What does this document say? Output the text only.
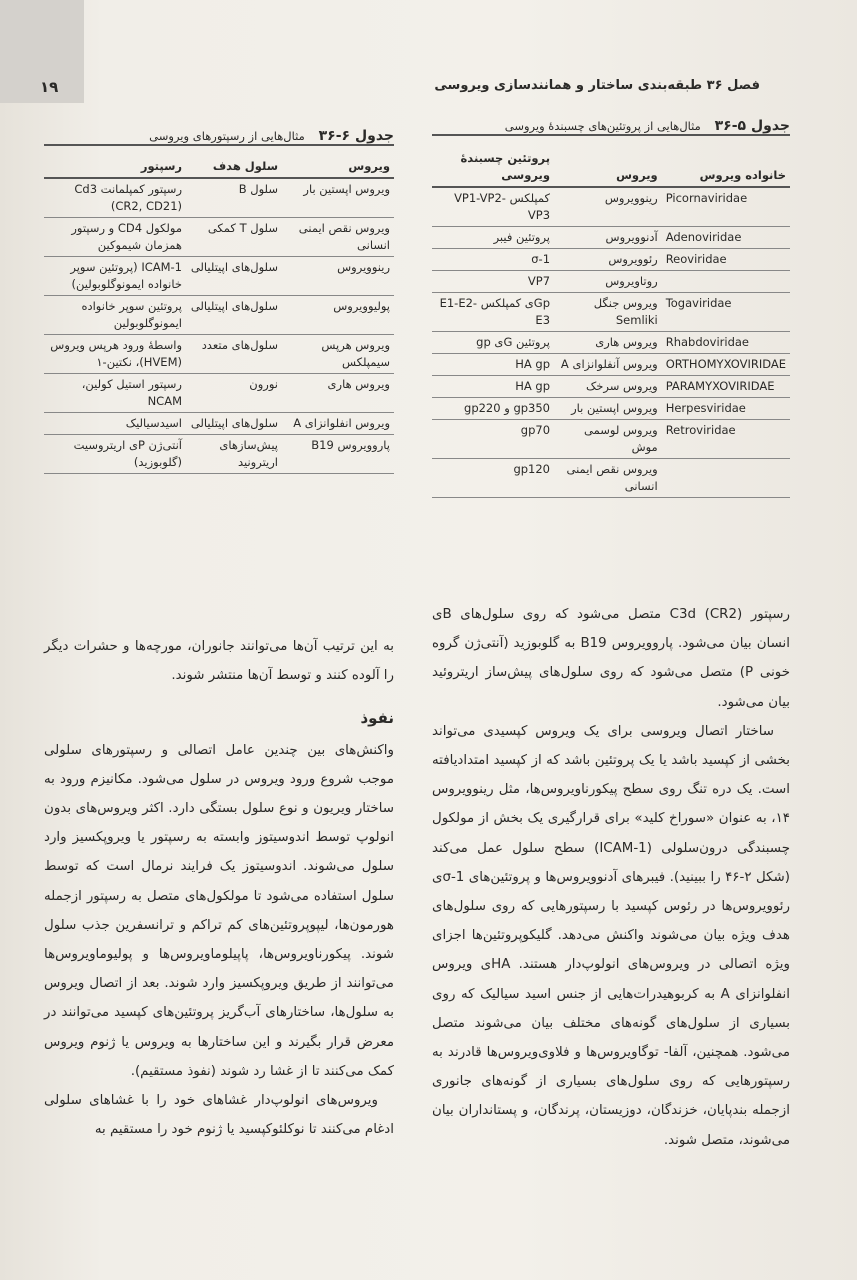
۱۹	فصل ۳۶ طبقه‌بندی ساختار و همانندسازی ویروسی
جدول ۵-۳۶ مثال‌هایی از پروتئین‌های چسبندۀ ویروسی
خانواده ویروس	ویروس	پروتئین چسبندۀ ویروسی
Picornaviridae	رینوویروس	کمپلکس VP1-VP2-VP3
Adenoviridae	آدنوویروس	پروتئین فیبر
Reoviridae	رئوویروس	σ-1
	روتاویروس	VP7
Togaviridae	ویروس جنگل Semliki	Gpی کمپلکس E1-E2-E3
Rhabdoviridae	ویروس هاری	پروتئین Gی gp
ORTHOMYXOVIRIDAE	ویروس آنفلوانزای A	HA gp
PARAMYXOVIRIDAE	ویروس سرخک	HA gp
Herpesviridae	ویروس اپستین بار	gp350 و gp220
Retroviridae	ویروس لوسمی موش	gp70
	ویروس نقص ایمنی انسانی	gp120
جدول ۶-۳۶ مثال‌هایی از رسپتورهای ویروسی
ویروس	سلول هدف	رسپتور
ویروس اپستین بار	سلول B	رسپتور کمپلمانت Cd3 (CR2, CD21)
ویروس نقص ایمنی انسانی	سلول T کمکی	مولکول CD4 و رسپتور همزمان شیموکین
رینوویروس	سلول‌های اپیتلیالی	ICAM-1 (پروتئین سوپر خانواده ایمونوگلوبولین)
پولیوویروس	سلول‌های اپیتلیالی	پروتئین سوپر خانواده ایمونوگلوبولین
ویروس هرپس سیمپلکس	سلول‌های متعدد	واسطۀ ورود هرپس ویروس (HVEM)، نکتین-۱
ویروس هاری	نورون	رسپتور استیل کولین، NCAM
ویروس انفلوانزای A	سلول‌های اپیتلیالی	اسیدسیالیک
پاروویروس B19	پیش‌سازهای اریترونید	آنتی‌ژن Pی اریتروسیت (گلوبوزید)

رسپتور C3d (CR2) متصل می‌شود که روی سلول‌های Bی انسان بیان می‌شود. پاروویروس B19 به گلوبوزید (آنتی‌ژن گروه خونی P) متصل می‌شود که روی سلول‌های پیش‌ساز اریتروئید بیان می‌شود.

ساختار اتصال ویروسی برای یک ویروس کپسیدی می‌تواند بخشی از کپسید باشد یا یک پروتئین باشد که از کپسید امتدادیافته است. یک دره تنگ روی سطح پیکورناویروس‌ها، مثل رینوویروس ۱۴، به عنوان «سوراخ کلید» برای قرارگیری یک بخش از مولکول چسبندگی درون‌سلولی (ICAM-1) سطح سلول عمل می‌کند (شکل ۲-۴۶ را ببینید). فیبرهای آدنوویروس‌ها و پروتئین‌های σ-1ی رئوویروس‌ها در رئوس کپسید با رسپتورهایی که روی سلول‌های هدف ویژه بیان می‌شوند واکنش می‌دهد. گلیکوپروتئین‌ها اجزای ویژه اتصالی در ویروس‌های انولوپ‌دار هستند. HAی ویروس انفلوانزای A به کربوهیدرات‌هایی از جنس اسید سیالیک که روی بسیاری از سلول‌های گونه‌های مختلف بیان می‌شوند متصل می‌شود. همچنین، آلفا- توگاویروس‌ها و فلاوی‌ویروس‌ها قادرند به رسپتورهایی که روی سلول‌های بسیاری از گونه‌های جانوری ازجمله بندپایان، خزندگان، دوزیستان، پرندگان، و پستانداران بیان می‌شوند، متصل شوند.

به این ترتیب آن‌ها می‌توانند جانوران، مورچه‌ها و حشرات دیگر را آلوده کنند و توسط آن‌ها منتشر شوند.

نفوذ

واکنش‌های بین چندین عامل اتصالی و رسپتورهای سلولی موجب شروع ورود ویروس در سلول می‌شود. مکانیزم ورود به ساختار ویریون و نوع سلول بستگی دارد. اکثر ویروس‌های بدون انولوپ توسط اندوسیتوز وابسته به رسپتور یا ویروپکسیز وارد سلول می‌شوند. اندوسیتوز یک فرایند نرمال است که توسط سلول استفاده می‌شود تا مولکول‌های متصل به رسپتور ازجمله هورمون‌ها، لیپوپروتئین‌های کم تراکم و ترانسفرین جذب سلول شوند. پیکورناویروس‌ها، پاپیلوماویروس‌ها و پولیوماویروس‌ها می‌توانند از طریق ویروپکسیز وارد شوند. بعد از اتصال ویروس به سلول‌ها، ساختارهای آب‌گریز پروتئین‌های کپسید می‌توانند در معرض قرار بگیرند و این ساختارها به ویروس یا ژنوم ویروس کمک می‌کنند تا از غشا رد شوند (نفوذ مستقیم).

ویروس‌های انولوپ‌دار غشاهای خود را با غشاهای سلولی ادغام می‌کنند تا نوکلئوکپسید یا ژنوم خود را مستقیم به
